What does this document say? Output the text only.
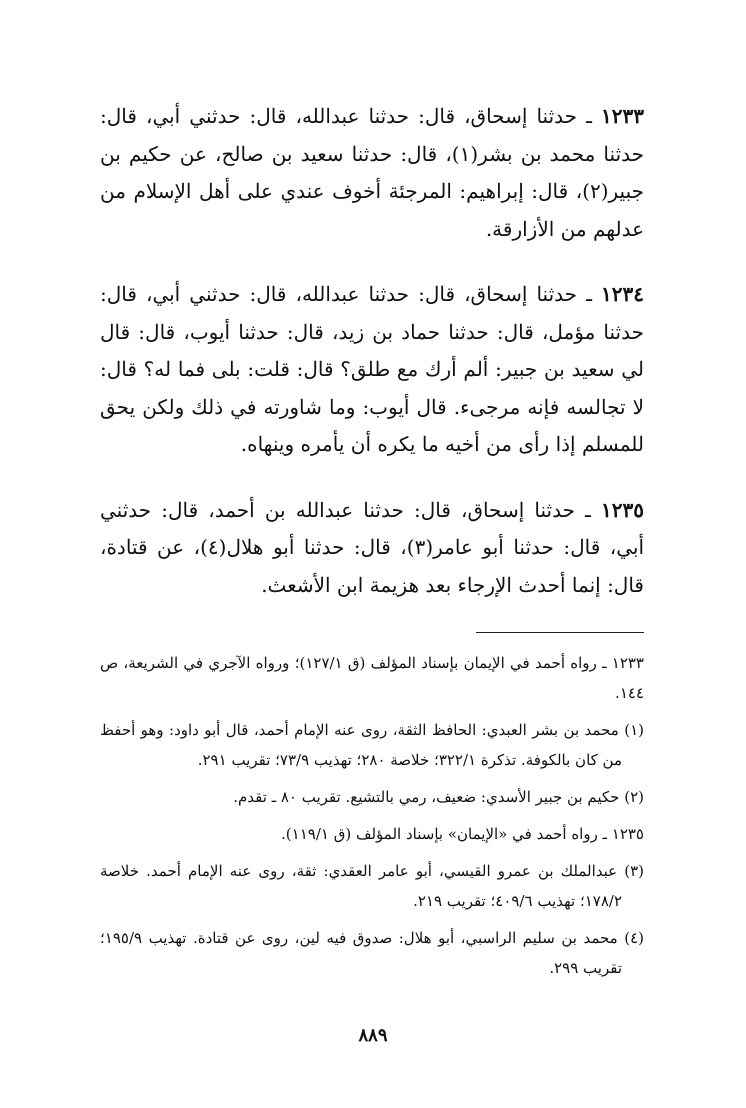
١٢٣٣ ـ حدثنا إسحاق، قال: حدثنا عبدالله، قال: حدثني أبي، قال: حدثنا محمد بن بشر(١)، قال: حدثنا سعيد بن صالح، عن حكيم بن جبير(٢)، قال: إبراهيم: المرجئة أخوف عندي على أهل الإسلام من عدلهم من الأزارقة.

١٢٣٤ ـ حدثنا إسحاق، قال: حدثنا عبدالله، قال: حدثني أبي، قال: حدثنا مؤمل، قال: حدثنا حماد بن زيد، قال: حدثنا أيوب، قال: قال لي سعيد بن جبير: ألم أرك مع طلق؟ قال: قلت: بلى فما له؟ قال: لا تجالسه فإنه مرجىء. قال أيوب: وما شاورته في ذلك ولكن يحق للمسلم إذا رأى من أخيه ما يكره أن يأمره وينهاه.

١٢٣٥ ـ حدثنا إسحاق، قال: حدثنا عبدالله بن أحمد، قال: حدثني أبي، قال: حدثنا أبو عامر(٣)، قال: حدثنا أبو هلال(٤)، عن قتادة، قال: إنما أحدث الإرجاء بعد هزيمة ابن الأشعث.

١٢٣٣ ـ رواه أحمد في الإيمان بإسناد المؤلف (ق ١٢٧/١)؛ ورواه الآجري في الشريعة، ص ١٤٤.

(١) محمد بن بشر العبدي: الحافظ الثقة، روى عنه الإمام أحمد، قال أبو داود: وهو أحفظ من كان بالكوفة. تذكرة ٣٢٢/١؛ خلاصة ٢٨٠؛ تهذيب ٧٣/٩؛ تقريب ٢٩١.

(٢) حكيم بن جبير الأسدي: ضعيف، رمي بالتشيع. تقريب ٨٠ ـ تقدم.

١٢٣٥ ـ رواه أحمد في «الإيمان» بإسناد المؤلف (ق ١١٩/١).

(٣) عبدالملك بن عمرو القيسي، أبو عامر العقدي: ثقة، روى عنه الإمام أحمد. خلاصة ١٧٨/٢؛ تهذيب ٤٠٩/٦؛ تقريب ٢١٩.

(٤) محمد بن سليم الراسبي، أبو هلال: صدوق فيه لين، روى عن قتادة. تهذيب ١٩٥/٩؛ تقريب ٢٩٩.

٨٨٩
